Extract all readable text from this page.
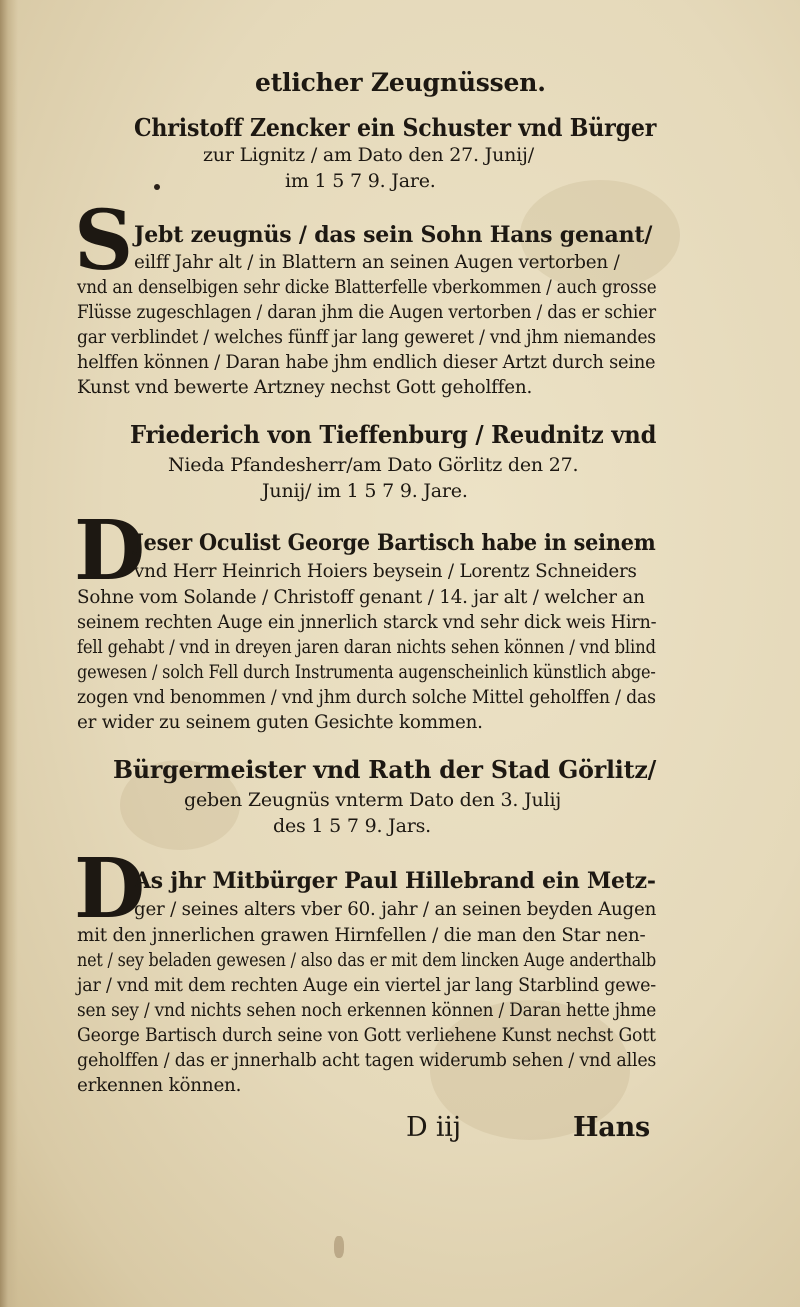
etlicher Zeugnüssen.
Christoff Zencker ein Schuster vnd Bürger
zur Lignitz / am Dato den 27. Junij/
im 1 5 7 9. Jare.
S Jebt zeugnüs / das sein Sohn Hans genant/
eilff Jahr alt / in Blattern an seinen Augen vertorben /
vnd an denselbigen sehr dicke Blatterfelle vberkommen / auch grosse
Flüsse zugeschlagen / daran jhm die Augen vertorben / das er schier
gar verblindet / welches fünff jar lang geweret / vnd jhm niemandes
helffen können / Daran habe jhm endlich dieser Artzt durch seine
Kunst vnd bewerte Artzney nechst Gott geholffen.
Friederich von Tieffenburg / Reudnitz vnd
Nieda Pfandesherr/am Dato Görlitz den 27.
Junij/ im 1 5 7 9. Jare.
D
Jeser Oculist George Bartisch habe in seinem
vnd Herr Heinrich Hoiers beysein / Lorentz Schneiders
Sohne vom Solande / Christoff genant / 14. jar alt / welcher an
seinem rechten Auge ein jnnerlich starck vnd sehr dick weis Hirn-
fell gehabt / vnd in dreyen jaren daran nichts sehen können / vnd blind
gewesen / solch Fell durch Instrumenta augenscheinlich künstlich abge-
zogen vnd benommen / vnd jhm durch solche Mittel geholffen / das
er wider zu seinem guten Gesichte kommen.
Bürgermeister vnd Rath der Stad Görlitz/
geben Zeugnüs vnterm Dato den 3. Julij
des 1 5 7 9. Jars.
D
As jhr Mitbürger Paul Hillebrand ein Metz-
ger / seines alters vber 60. jahr / an seinen beyden Augen
mit den jnnerlichen grawen Hirnfellen / die man den Star nen-
net / sey beladen gewesen / also das er mit dem lincken Auge anderthalb
jar / vnd mit dem rechten Auge ein viertel jar lang Starblind gewe-
sen sey / vnd nichts sehen noch erkennen können / Daran hette jhme
George Bartisch durch seine von Gott verliehene Kunst nechst Gott
geholffen / das er jnnerhalb acht tagen widerumb sehen / vnd alles
erkennen können.
D iij	Hans
